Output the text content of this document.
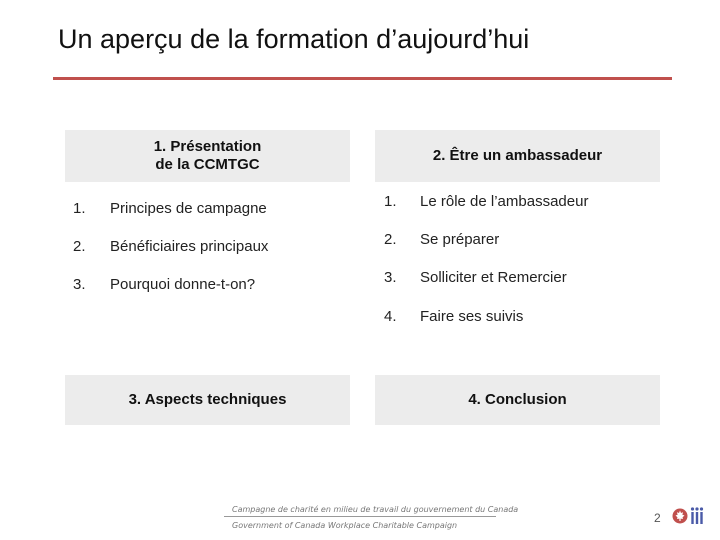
Un aperçu de la formation d’aujourd’hui
1. Présentation
de la CCMTGC
1. Principes de campagne
2. Bénéficiaires principaux
3. Pourquoi donne-t-on?
2. Être un ambassadeur
1. Le rôle de l’ambassadeur
2. Se préparer
3. Solliciter et Remercier
4. Faire ses suivis
3. Aspects techniques	4. Conclusion
Campagne de charité en milieu de travail du gouvernement du Canada
Government of Canada Workplace Charitable Campaign
2
